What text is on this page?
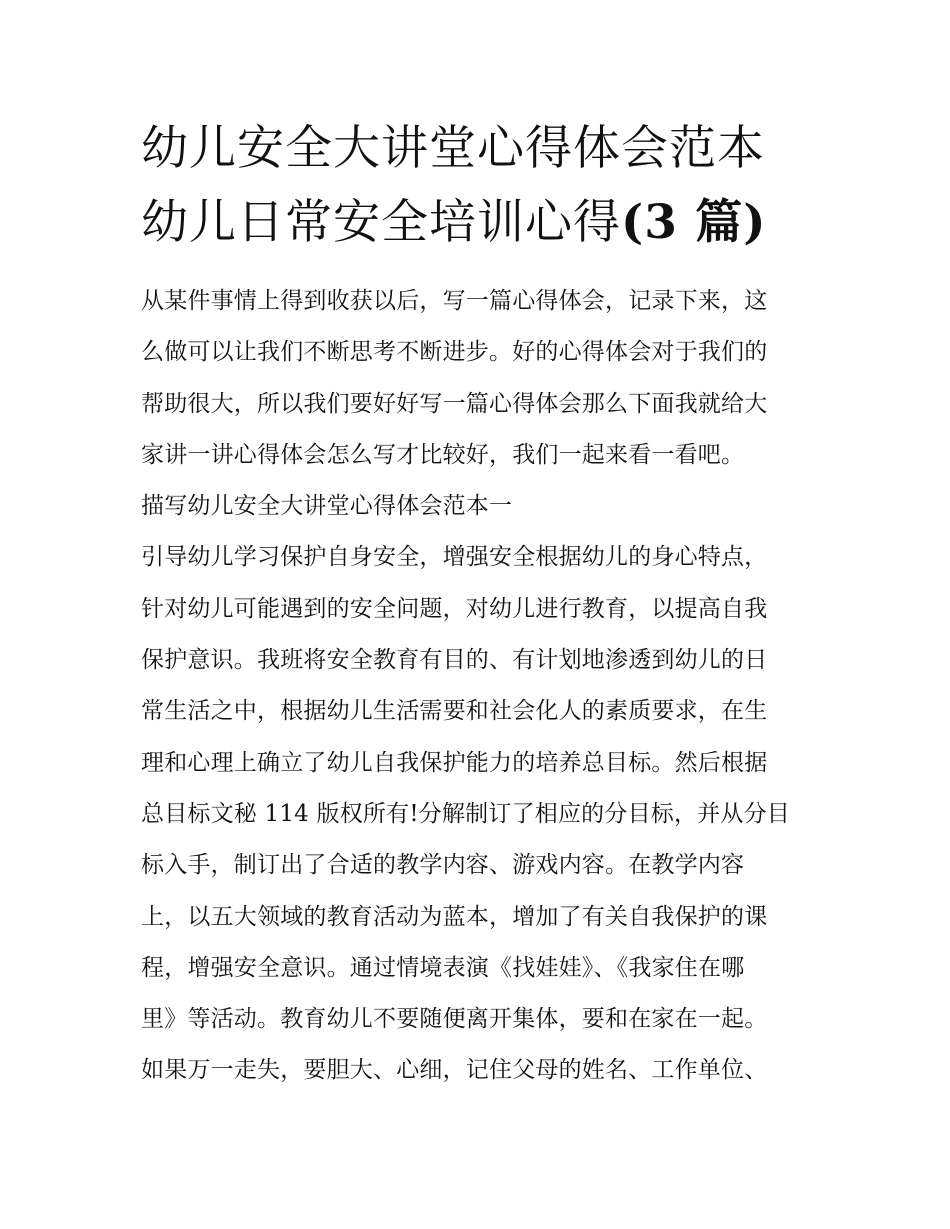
幼儿安全大讲堂心得体会范本
幼儿日常安全培训心得(3 篇)
从某件事情上得到收获以后，写一篇心得体会，记录下来，这
么做可以让我们不断思考不断进步。好的心得体会对于我们的
帮助很大，所以我们要好好写一篇心得体会那么下面我就给大
家讲一讲心得体会怎么写才比较好，我们一起来看一看吧。
描写幼儿安全大讲堂心得体会范本一
引导幼儿学习保护自身安全，增强安全根据幼儿的身心特点，
针对幼儿可能遇到的安全问题，对幼儿进行教育，以提高自我
保护意识。我班将安全教育有目的、有计划地渗透到幼儿的日
常生活之中，根据幼儿生活需要和社会化人的素质要求，在生
理和心理上确立了幼儿自我保护能力的培养总目标。然后根据
总目标文秘 114 版权所有!分解制订了相应的分目标，并从分目
标入手，制订出了合适的教学内容、游戏内容。在教学内容
上，以五大领域的教育活动为蓝本，增加了有关自我保护的课
程，增强安全意识。通过情境表演《找娃娃》、《我家住在哪
里》等活动。教育幼儿不要随便离开集体，要和在家在一起。
如果万一走失，要胆大、心细，记住父母的姓名、工作单位、
